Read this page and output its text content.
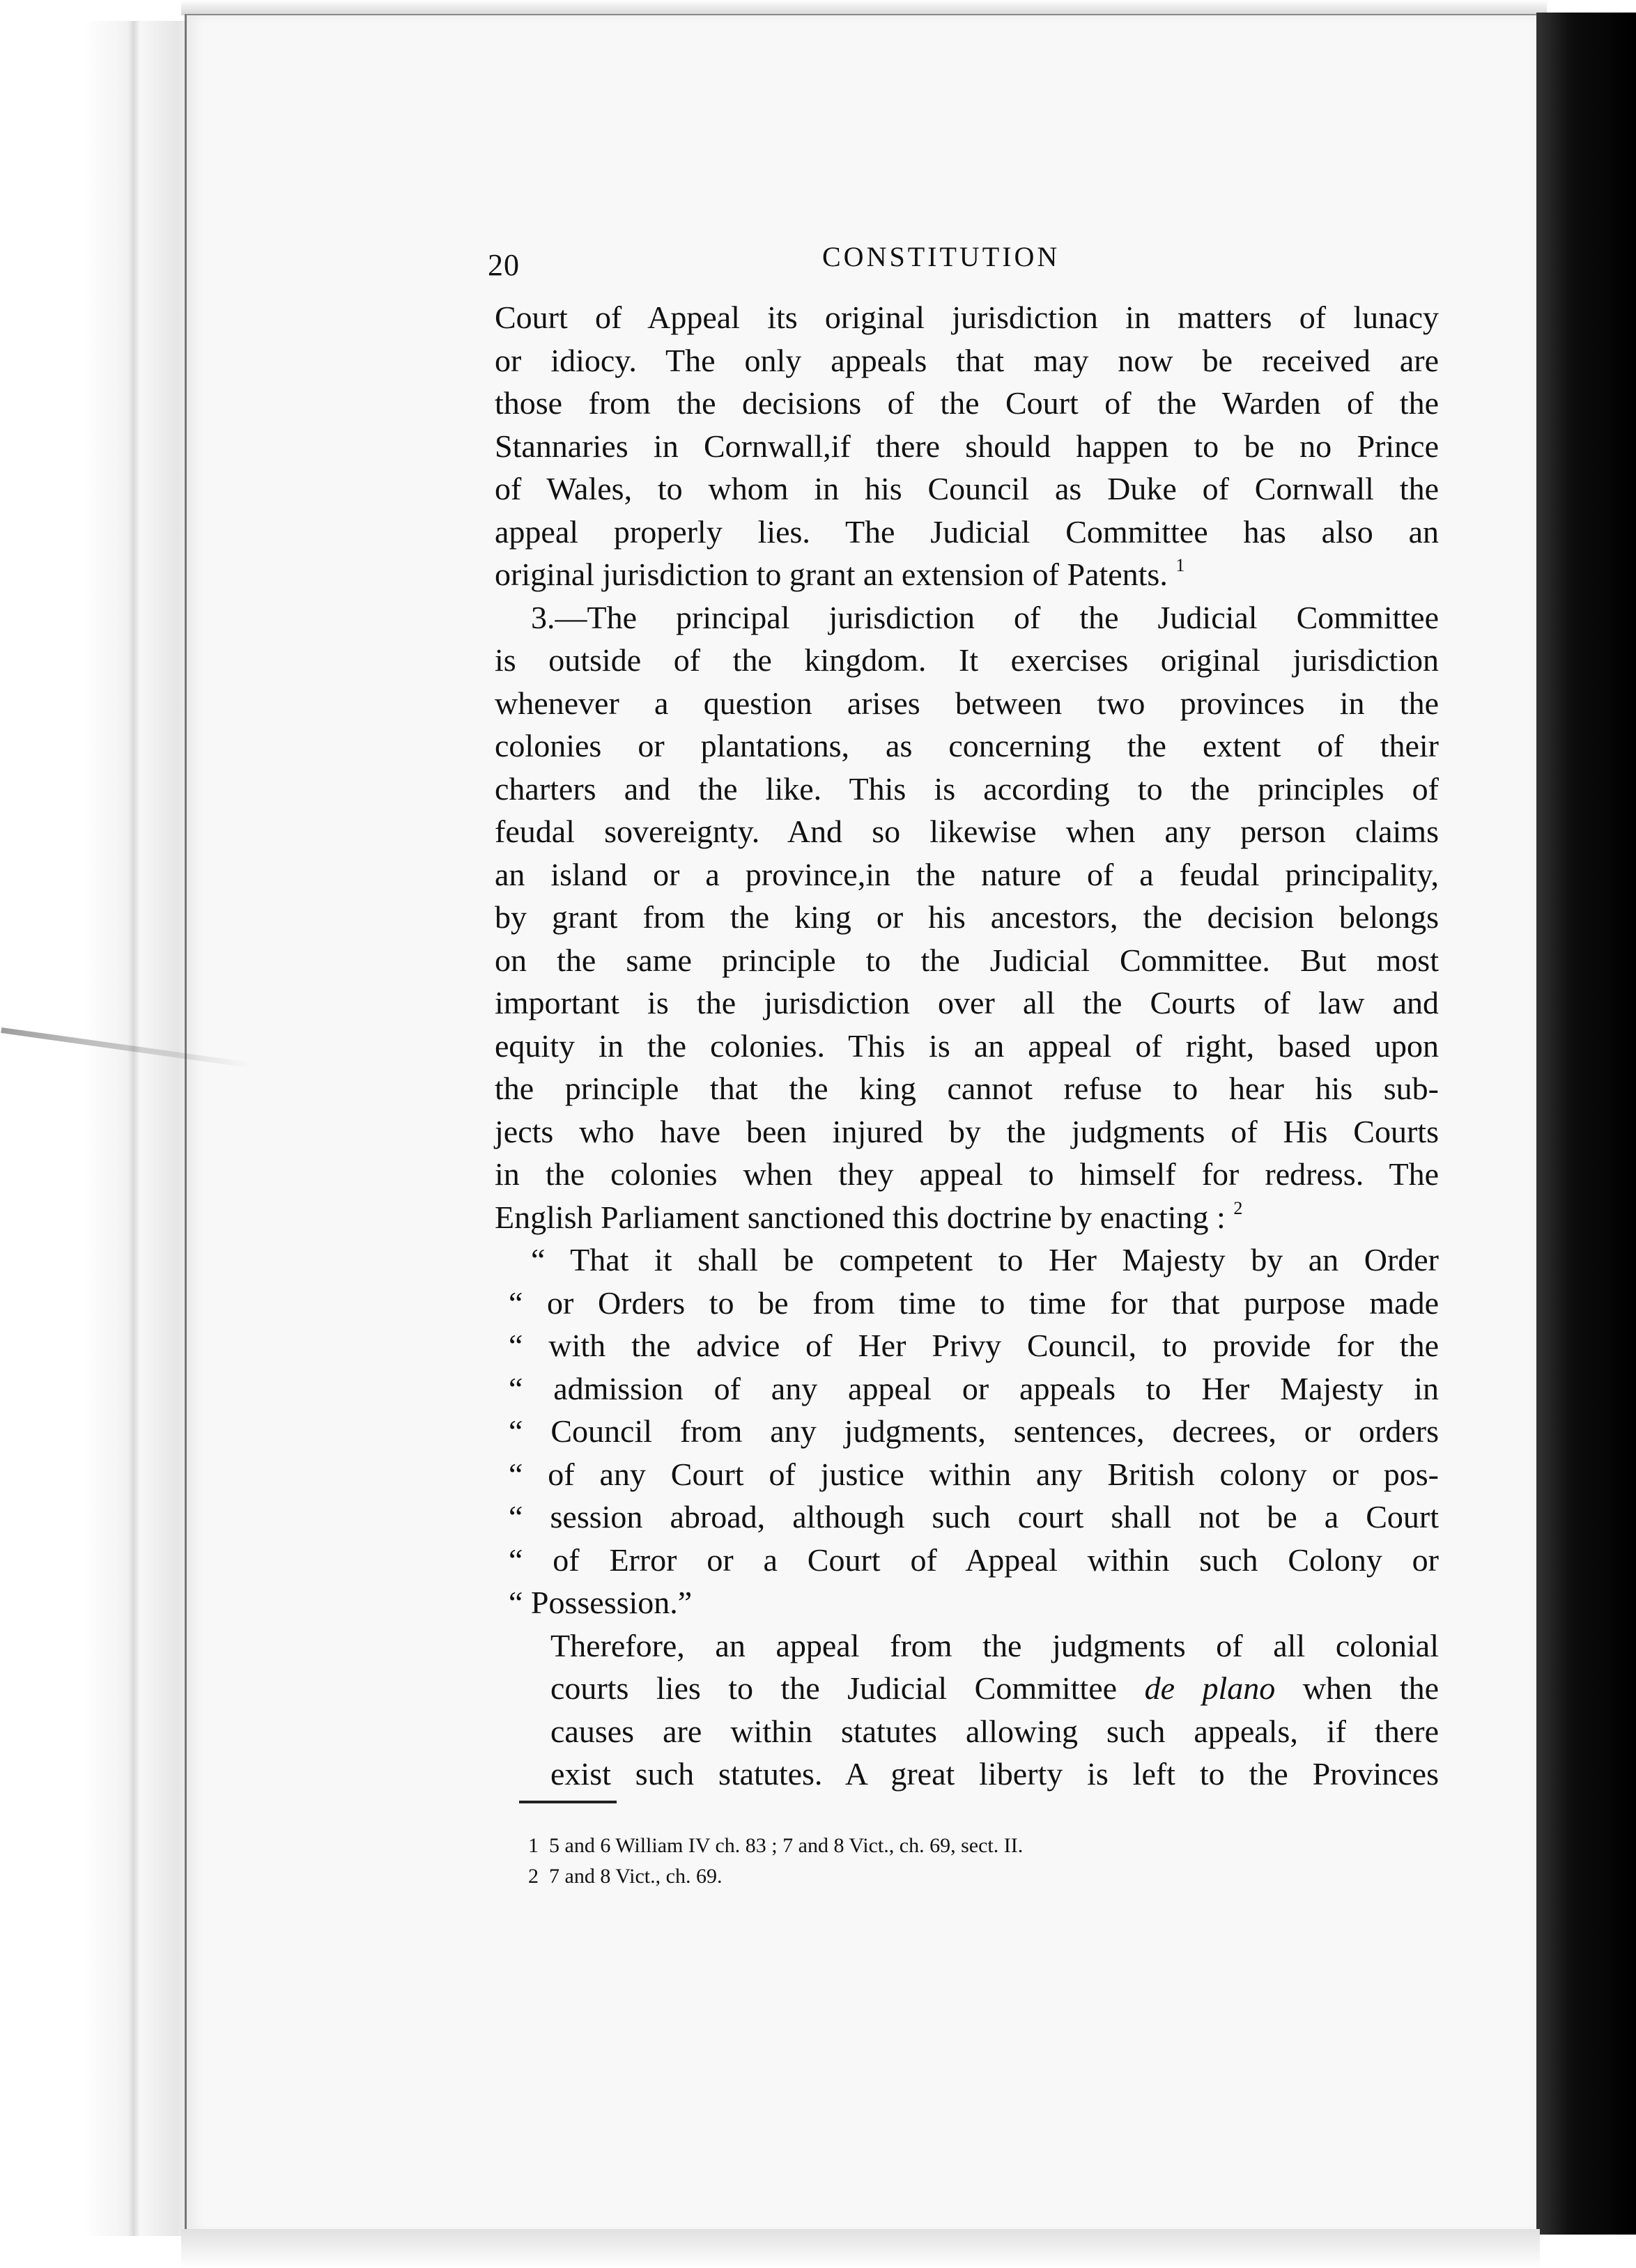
20	CONSTITUTION
Court of Appeal its original jurisdiction in matters of lunacy
or idiocy. The only appeals that may now be received are
those from the decisions of the Court of the Warden of the
Stannaries in Cornwall,if there should happen to be no Prince
of Wales, to whom in his Council as Duke of Cornwall the
appeal properly lies. The Judicial Committee has also an
original jurisdiction to grant an extension of Patents. $^1$
3.—The principal jurisdiction of the Judicial Committee
is outside of the kingdom. It exercises original jurisdiction
whenever a question arises between two provinces in the
colonies or plantations, as concerning the extent of their
charters and the like. This is according to the principles of
feudal sovereignty. And so likewise when any person claims
an island or a province,in the nature of a feudal principality,
by grant from the king or his ancestors, the decision belongs
on the same principle to the Judicial Committee. But most
important is the jurisdiction over all the Courts of law and
equity in the colonies. This is an appeal of right, based upon
the principle that the king cannot refuse to hear his sub-
jects who have been injured by the judgments of His Courts
in the colonies when they appeal to himself for redress. The
English Parliament sanctioned this doctrine by enacting : $^2$
“ That it shall be competent to Her Majesty by an Order
“ or Orders to be from time to time for that purpose made
“ with the advice of Her Privy Council, to provide for the
“ admission of any appeal or appeals to Her Majesty in
“ Council from any judgments, sentences, decrees, or orders
“ of any Court of justice within any British colony or pos-
“ session abroad, although such court shall not be a Court
“ of Error or a Court of Appeal within such Colony or
“ Possession.”
Therefore, an appeal from the judgments of all colonial
courts lies to the Judicial Committee de plano when the
causes are within statutes allowing such appeals, if there
exist such statutes. A great liberty is left to the Provinces
1 5 and 6 William IV ch. 83 ; 7 and 8 Vict., ch. 69, sect. II.
2 7 and 8 Vict., ch. 69.
